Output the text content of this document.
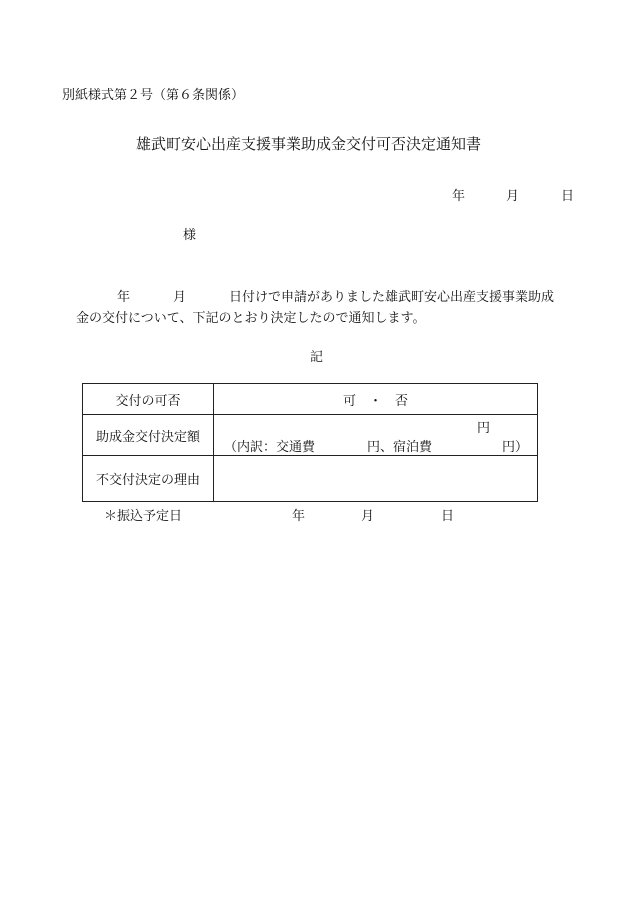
別紙様式第２号（第６条関係）
雄武町安心出産支援事業助成金交付可否決定通知書
年	月	日
様
年	月	日付けで申請がありました雄武町安心出産支援事業助成
金の交付について、下記のとおり決定したので通知します。
記
交付の可否	可　・　否
助成金交付決定額	円
（内訳：交通費 円、宿泊費 円）

不交付決定の理由	
＊振込予定日	年	月	日
